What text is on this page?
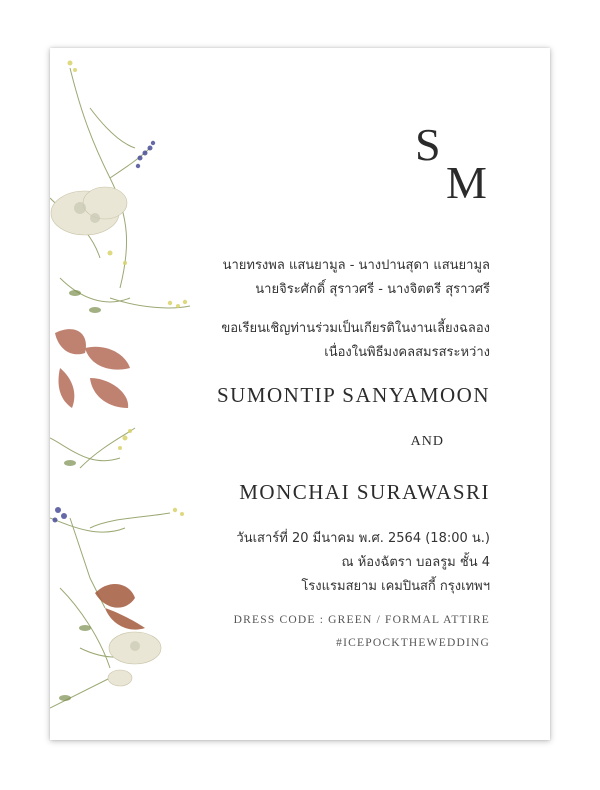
S
M
นายทรงพล แสนยามูล - นางปานสุดา แสนยามูล
นายจิระศักดิ์ สุราวศรี - นางจิตตรี สุราวศรี
ขอเรียนเชิญท่านร่วมเป็นเกียรติในงานเลี้ยงฉลอง
เนื่องในพิธีมงคลสมรสระหว่าง
SUMONTIP SANYAMOON
AND
MONCHAI SURAWASRI
วันเสาร์ที่ 20 มีนาคม พ.ศ. 2564 (18:00 น.)
ณ ห้องฉัตรา บอลรูม ชั้น 4
โรงแรมสยาม เคมปินสกี้ กรุงเทพฯ
DRESS CODE : GREEN / FORMAL ATTIRE
#ICEPOCKTHEWEDDING
